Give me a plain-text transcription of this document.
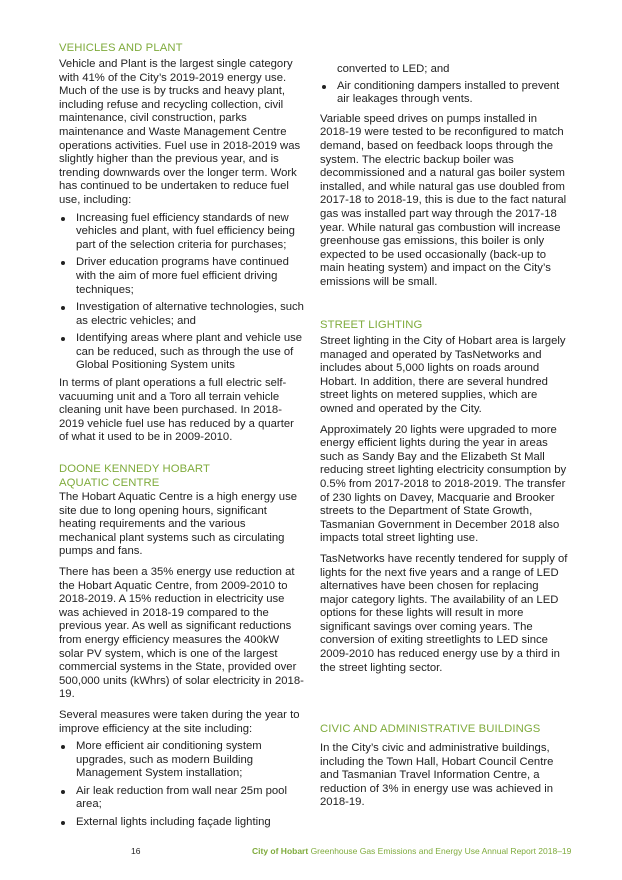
VEHICLES AND PLANT

Vehicle and Plant is the largest single category with 41% of the City’s 2019-2019 energy use. Much of the use is by trucks and heavy plant, including refuse and recycling collection, civil maintenance, civil construction, parks maintenance and Waste Management Centre operations activities. Fuel use in 2018-2019 was slightly higher than the previous year, and is trending downwards over the longer term. Work has continued to be undertaken to reduce fuel use, including:

Increasing fuel efficiency standards of new vehicles and plant, with fuel efficiency being part of the selection criteria for purchases;
Driver education programs have continued with the aim of more fuel efficient driving techniques;
Investigation of alternative technologies, such as electric vehicles; and
Identifying areas where plant and vehicle use can be reduced, such as through the use of Global Positioning System units

In terms of plant operations a full electric self-vacuuming unit and a Toro all terrain vehicle cleaning unit have been purchased. In 2018-2019 vehicle fuel use has reduced by a quarter of what it used to be in 2009-2010.

DOONE KENNEDY HOBART
AQUATIC CENTRE

The Hobart Aquatic Centre is a high energy use site due to long opening hours, significant heating requirements and the various mechanical plant systems such as circulating pumps and fans.

There has been a 35% energy use reduction at the Hobart Aquatic Centre, from 2009-2010 to 2018-2019. A 15% reduction in electricity use was achieved in 2018-19 compared to the previous year. As well as significant reductions from energy efficiency measures the 400kW solar PV system, which is one of the largest commercial systems in the State, provided over 500,000 units (kWhrs) of solar electricity in 2018-19.

Several measures were taken during the year to improve efficiency at the site including:

More efficient air conditioning system upgrades, such as modern Building Management System installation;
Air leak reduction from wall near 25m pool area;
External lights including façade lighting

converted to LED; and

Air conditioning dampers installed to prevent air leakages through vents.

Variable speed drives on pumps installed in 2018-19 were tested to be reconfigured to match demand, based on feedback loops through the system. The electric backup boiler was decommissioned and a natural gas boiler system installed, and while natural gas use doubled from 2017-18 to 2018-19, this is due to the fact natural gas was installed part way through the 2017-18 year. While natural gas combustion will increase greenhouse gas emissions, this boiler is only expected to be used occasionally (back-up to main heating system) and impact on the City’s emissions will be small.

STREET LIGHTING

Street lighting in the City of Hobart area is largely managed and operated by TasNetworks and includes about 5,000 lights on roads around Hobart. In addition, there are several hundred street lights on metered supplies, which are owned and operated by the City.

Approximately 20 lights were upgraded to more energy efficient lights during the year in areas such as Sandy Bay and the Elizabeth St Mall reducing street lighting electricity consumption by 0.5% from 2017-2018 to 2018-2019. The transfer of 230 lights on Davey, Macquarie and Brooker streets to the Department of State Growth, Tasmanian Government in December 2018 also impacts total street lighting use.

TasNetworks have recently tendered for supply of lights for the next five years and a range of LED alternatives have been chosen for replacing major category lights. The availability of an LED options for these lights will result in more significant savings over coming years. The conversion of exiting streetlights to LED since 2009-2010 has reduced energy use by a third in the street lighting sector.

CIVIC AND ADMINISTRATIVE BUILDINGS

In the City’s civic and administrative buildings, including the Town Hall, Hobart Council Centre and Tasmanian Travel Information Centre, a reduction of 3% in energy use was achieved in 2018-19.

16	City of Hobart Greenhouse Gas Emissions and Energy Use Annual Report 2018–19
